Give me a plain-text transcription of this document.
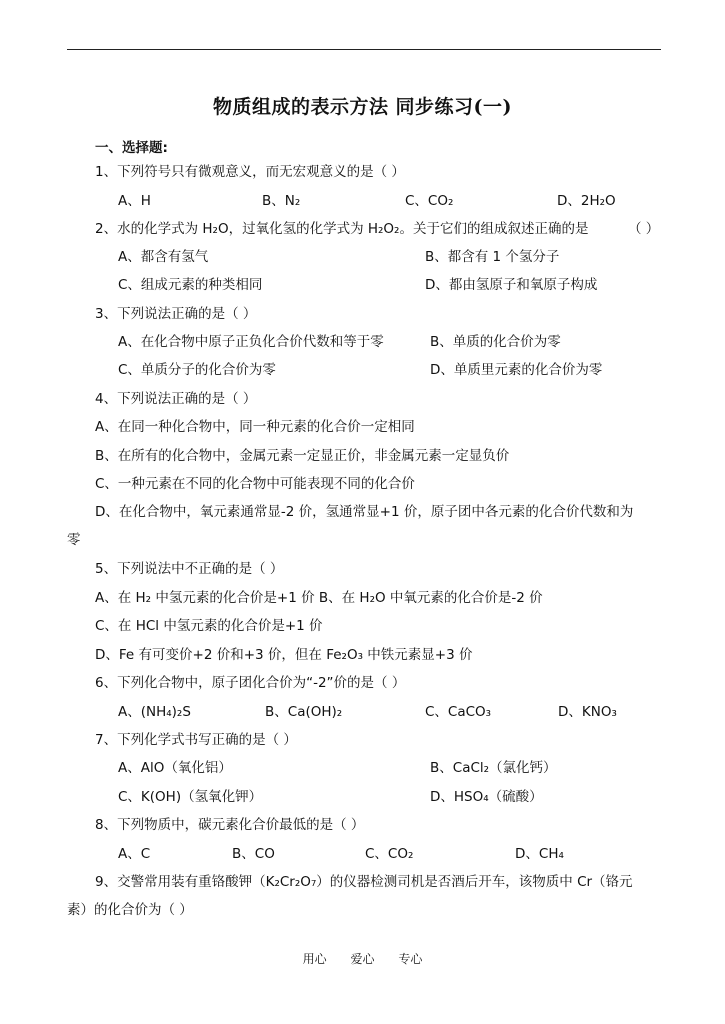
物质组成的表示方法 同步练习(一)
一、选择题:
1、下列符号只有微观意义，而无宏观意义的是（ ）
A、H	B、N₂	C、CO₂	D、2H₂O
2、水的化学式为 H₂O，过氧化氢的化学式为 H₂O₂。关于它们的组成叙述正确的是	（ ）
A、都含有氢气	B、都含有 1 个氢分子
C、组成元素的种类相同	D、都由氢原子和氧原子构成
3、下列说法正确的是（ ）
A、在化合物中原子正负化合价代数和等于零	B、单质的化合价为零
C、单质分子的化合价为零	D、单质里元素的化合价为零
4、下列说法正确的是（ ）
A、在同一种化合物中，同一种元素的化合价一定相同
B、在所有的化合物中，金属元素一定显正价，非金属元素一定显负价
C、一种元素在不同的化合物中可能表现不同的化合价
D、在化合物中，氧元素通常显-2 价，氢通常显+1 价，原子团中各元素的化合价代数和为
零
5、下列说法中不正确的是（ ）
A、在 H₂ 中氢元素的化合价是+1 价 B、在 H₂O 中氧元素的化合价是-2 价
C、在 HCl 中氢元素的化合价是+1 价
D、Fe 有可变价+2 价和+3 价，但在 Fe₂O₃ 中铁元素显+3 价
6、下列化合物中，原子团化合价为“-2”价的是（ ）
A、(NH₄)₂S	B、Ca(OH)₂	C、CaCO₃	D、KNO₃
7、下列化学式书写正确的是（ ）
A、AlO（氧化铝）	B、CaCl₂（氯化钙）
C、K(OH)（氢氧化钾）	D、HSO₄（硫酸）
8、下列物质中，碳元素化合价最低的是（ ）
A、C	B、CO	C、CO₂	D、CH₄
9、交警常用装有重铬酸钾（K₂Cr₂O₇）的仪器检测司机是否酒后开车，该物质中 Cr（铬元
素）的化合价为（ ）
用心 爱心 专心
